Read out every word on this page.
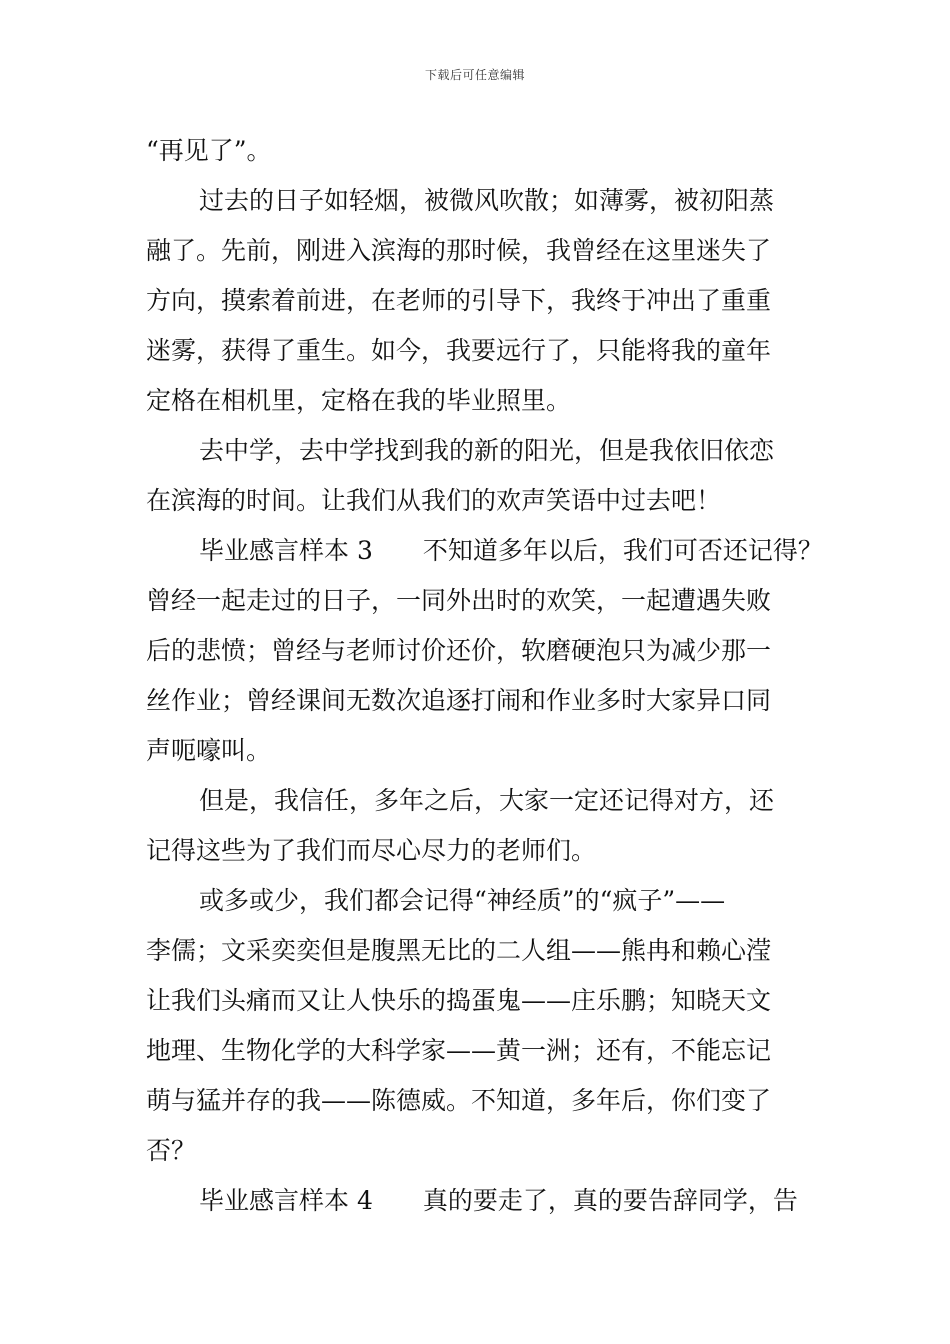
下载后可任意编辑

“再见了”。

过去的日子如轻烟，被微风吹散；如薄雾，被初阳蒸

融了。先前，刚进入滨海的那时候，我曾经在这里迷失了

方向，摸索着前进，在老师的引导下，我终于冲出了重重

迷雾，获得了重生。如今，我要远行了，只能将我的童年

定格在相机里，定格在我的毕业照里。

去中学，去中学找到我的新的阳光，但是我依旧依恋

在滨海的时间。让我们从我们的欢声笑语中过去吧！

毕业感言样本 3　　不知道多年以后，我们可否还记得？

曾经一起走过的日子，一同外出时的欢笑，一起遭遇失败

后的悲愤；曾经与老师讨价还价，软磨硬泡只为减少那一

丝作业；曾经课间无数次追逐打闹和作业多时大家异口同

声呃嚎叫。

但是，我信任，多年之后，大家一定还记得对方，还

记得这些为了我们而尽心尽力的老师们。

或多或少，我们都会记得“神经质”的“疯子”——

李儒；文采奕奕但是腹黑无比的二人组——熊冉和赖心滢

让我们头痛而又让人快乐的捣蛋鬼——庄乐鹏；知晓天文

地理、生物化学的大科学家——黄一洲；还有，不能忘记

萌与猛并存的我——陈德威。不知道，多年后，你们变了

否？

毕业感言样本 4　　真的要走了，真的要告辞同学，告
